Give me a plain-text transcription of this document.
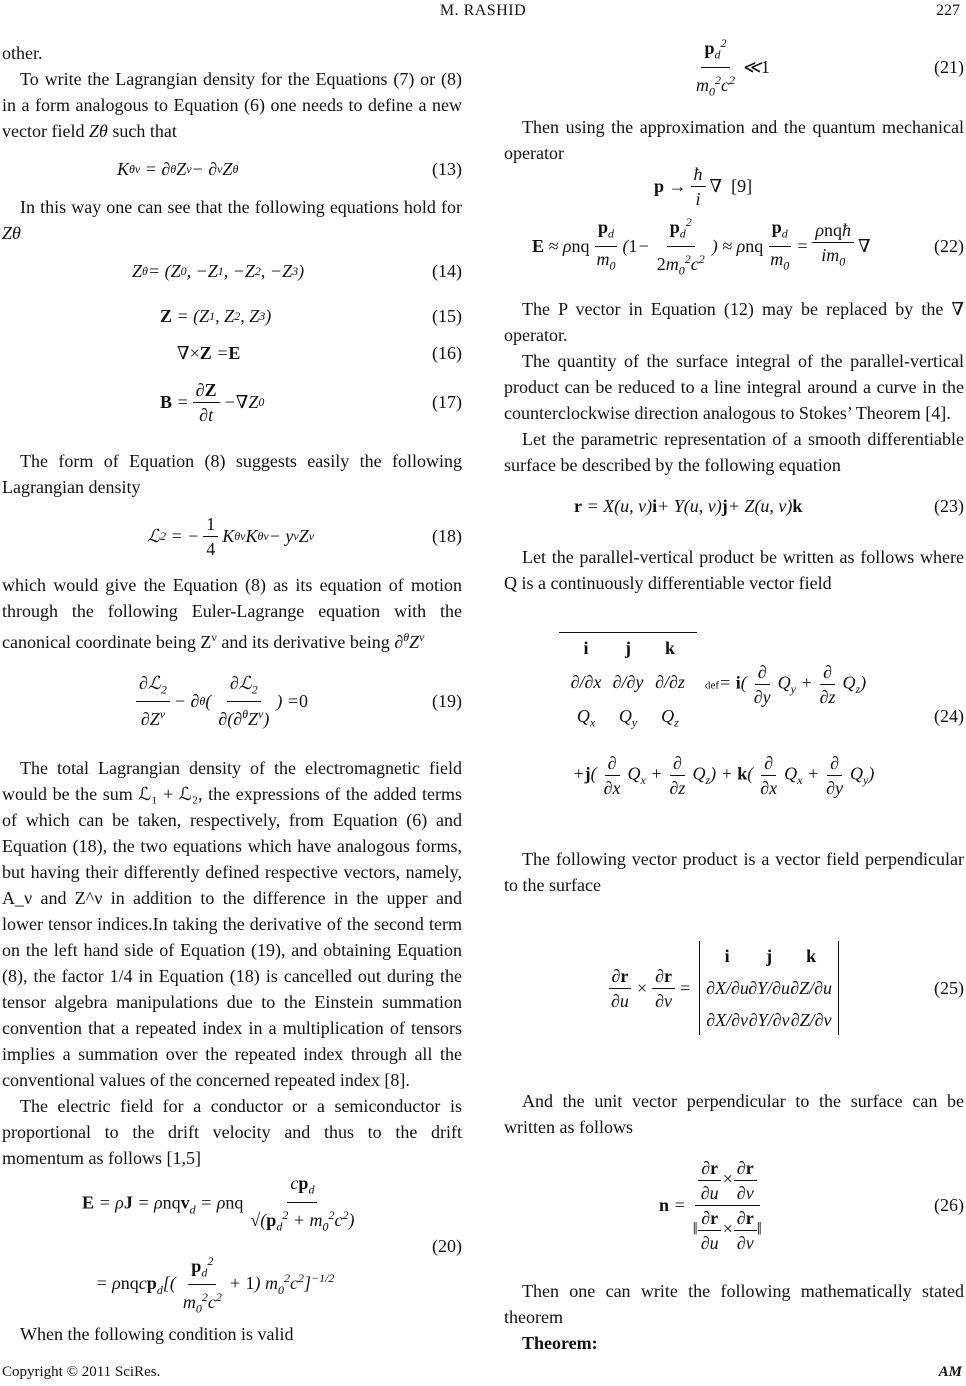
M. RASHID	227

other.

To write the Lagrangian density for the Equations (7) or (8) in a form analogous to Equation (6) one needs to define a new vector field Zθ such that

K θν = ∂ θ Z ν − ∂ ν Z θ	(13)

In this way one can see that the following equations hold for Zθ

Z θ = (Z 0 , −Z 1 , −Z 2 , −Z 3 )	(14)
Z = (Z 1 , Z 2 , Z 3 )	(15)
∇× Z = E	(16)
$B = \frac{\partial Z}{\partial t}$ − ∇ Z 0	(17)

The form of Equation (8) suggests easily the following Lagrangian density

ℒ 2 = − $\frac{1}{4}$ K θν K θν − y ν Z ν	(18)

which would give the Equation (8) as its equation of motion through the following Euler-Lagrange equation with the canonical coordinate being $Z^\nu$ and its derivative being $\partial^\theta Z^\nu$

$\frac{\partial ℒ_2}{\partial Z^\nu}$ − ∂ θ ( $\frac{\partial ℒ_2}{\partial(\partial^\theta Z^\nu)}$ ) = 0	(19)

The total Lagrangian density of the electromagnetic field would be the sum ℒ₁ + ℒ₂, the expressions of the added terms of which can be taken, respectively, from Equation (6) and Equation (18), the two equations which have analogous forms, but having their differently defined respective vectors, namely, A_ν and Z^ν in addition to the difference in the upper and lower tensor indices.In taking the derivative of the second term on the left hand side of Equation (19), and obtaining Equation (8), the factor 1/4 in Equation (18) is cancelled out during the tensor algebra manipulations due to the Einstein summation convention that a repeated index in a multiplication of tensors implies a summation over the repeated index through all the conventional values of the concerned repeated index [8].

The electric field for a conductor or a semiconductor is proportional to the drift velocity and thus to the drift momentum as follows [1,5]

E = ρJ = ρnqv$_d$ = ρnq $\frac{cp_d}{√(p_d^2 + m_0^2c^2)}$
= ρnqcp$_d$[( $\frac{p_d^2}{m_0^2c^2} + 1$) $m_0^2c^2]^{-1/2}$
(20)

When the following condition is valid

$\frac{p_d^2}{m_0^2c^2}$ ≪ 1	(21)

Then using the approximation and the quantum mechanical operator

$p \to \frac{ħ}{i}$ ∇
[9]
E ≈ ρ nq $\frac{p_d}{m_0}$ ( $1 - \frac{p_d^2}{2m_0^2c^2}$ ) ≈ ρ nq $\frac{p_d}{m_0} = \frac{\text{ρnqħ}}{im_0}$ ∇	(22)

The P vector in Equation (12) may be replaced by the ∇ operator.

The quantity of the surface integral of the parallel-vertical product can be reduced to a line integral around a curve in the counterclockwise direction analogous to Stokes’ Theorem [4].

Let the parametric representation of a smooth differentiable surface be described by the following equation

r = X(u, v) i + Y(u, v) j + Z(u, v) k	(23)

Let the parallel-vertical product be written as follows where Q is a continuously differentiable vector field

i	j	k
∂/∂x ∂/∂y ∂/∂z
$Q_x$	$Q_y$	$Q_z$
$def= i( \frac{\partial}{\partial y} Q_y + \frac{\partial}{\partial z} Q_z)$
$+j( \frac{\partial}{\partial x} Q_x + \frac{\partial}{\partial z} Q_z) + k( \frac{\partial}{\partial x} Q_x + \frac{\partial}{\partial y} Q_y)$
(24)

The following vector product is a vector field perpendicular to the surface

$\frac{\partial r}{\partial u} \times \frac{\partial r}{\partial v}$ =
i	j	k
∂X/∂u ∂Y/∂u ∂Z/∂u
∂X/∂v ∂Y/∂v ∂Z/∂v
(25)

And the unit vector perpendicular to the surface can be written as follows

$n = \frac{\frac{\partial r}{\partial u} \times \frac{\partial r}{\partial v}}{‖ \frac{\partial r}{\partial u} \times \frac{\partial r}{\partial v} ‖}$	(26)

Then one can write the following mathematically stated theorem

Theorem:

Copyright © 2011 SciRes.	AM
